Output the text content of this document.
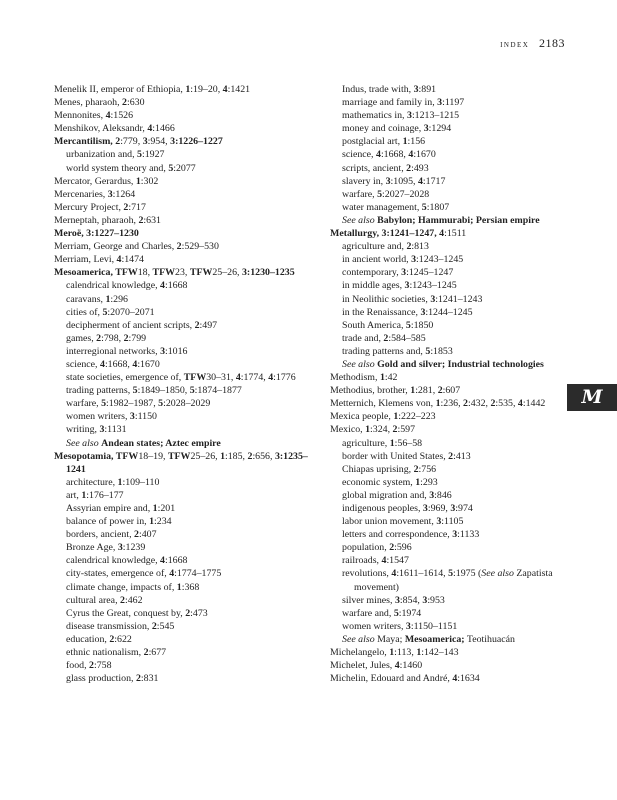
index 2183
Menelik II, emperor of Ethiopia, 1:19–20, 4:1421
Menes, pharaoh, 2:630
Mennonites, 4:1526
Menshikov, Aleksandr, 4:1466
Mercantilism, 2:779, 3:954, 3:1226–1227
urbanization and, 5:1927
world system theory and, 5:2077
Mercator, Gerardus, 1:302
Mercenaries, 3:1264
Mercury Project, 2:717
Merneptah, pharaoh, 2:631
Meroë, 3:1227–1230
Merriam, George and Charles, 2:529–530
Merriam, Levi, 4:1474
Mesoamerica, TFW18, TFW23, TFW25–26, 3:1230–1235
calendrical knowledge, 4:1668
caravans, 1:296
cities of, 5:2070–2071
decipherment of ancient scripts, 2:497
games, 2:798, 2:799
interregional networks, 3:1016
science, 4:1668, 4:1670
state societies, emergence of, TFW30–31, 4:1774, 4:1776
trading patterns, 5:1849–1850, 5:1874–1877
warfare, 5:1982–1987, 5:2028–2029
women writers, 3:1150
writing, 3:1131
See also Andean states; Aztec empire
Mesopotamia, TFW18–19, TFW25–26, 1:185, 2:656, 3:1235–1241
architecture, 1:109–110
art, 1:176–177
Assyrian empire and, 1:201
balance of power in, 1:234
borders, ancient, 2:407
Bronze Age, 3:1239
calendrical knowledge, 4:1668
city-states, emergence of, 4:1774–1775
climate change, impacts of, 1:368
cultural area, 2:462
Cyrus the Great, conquest by, 2:473
disease transmission, 2:545
education, 2:622
ethnic nationalism, 2:677
food, 2:758
glass production, 2:831
Indus, trade with, 3:891
marriage and family in, 3:1197
mathematics in, 3:1213–1215
money and coinage, 3:1294
postglacial art, 1:156
science, 4:1668, 4:1670
scripts, ancient, 2:493
slavery in, 3:1095, 4:1717
warfare, 5:2027–2028
water management, 5:1807
See also Babylon; Hammurabi; Persian empire
Metallurgy, 3:1241–1247, 4:1511
agriculture and, 2:813
in ancient world, 3:1243–1245
contemporary, 3:1245–1247
in middle ages, 3:1243–1245
in Neolithic societies, 3:1241–1243
in the Renaissance, 3:1244–1245
South America, 5:1850
trade and, 2:584–585
trading patterns and, 5:1853
See also Gold and silver; Industrial technologies
Methodism, 1:42
Methodius, brother, 1:281, 2:607
Metternich, Klemens von, 1:236, 2:432, 2:535, 4:1442
Mexica people, 1:222–223
Mexico, 1:324, 2:597
agriculture, 1:56–58
border with United States, 2:413
Chiapas uprising, 2:756
economic system, 1:293
global migration and, 3:846
indigenous peoples, 3:969, 3:974
labor union movement, 3:1105
letters and correspondence, 3:1133
population, 2:596
railroads, 4:1547
revolutions, 4:1611–1614, 5:1975 (See also Zapatista movement)
silver mines, 3:854, 3:953
warfare and, 5:1974
women writers, 3:1150–1151
See also Maya; Mesoamerica; Teotihuacán
Michelangelo, 1:113, 1:142–143
Michelet, Jules, 4:1460
Michelin, Edouard and André, 4:1634
M
